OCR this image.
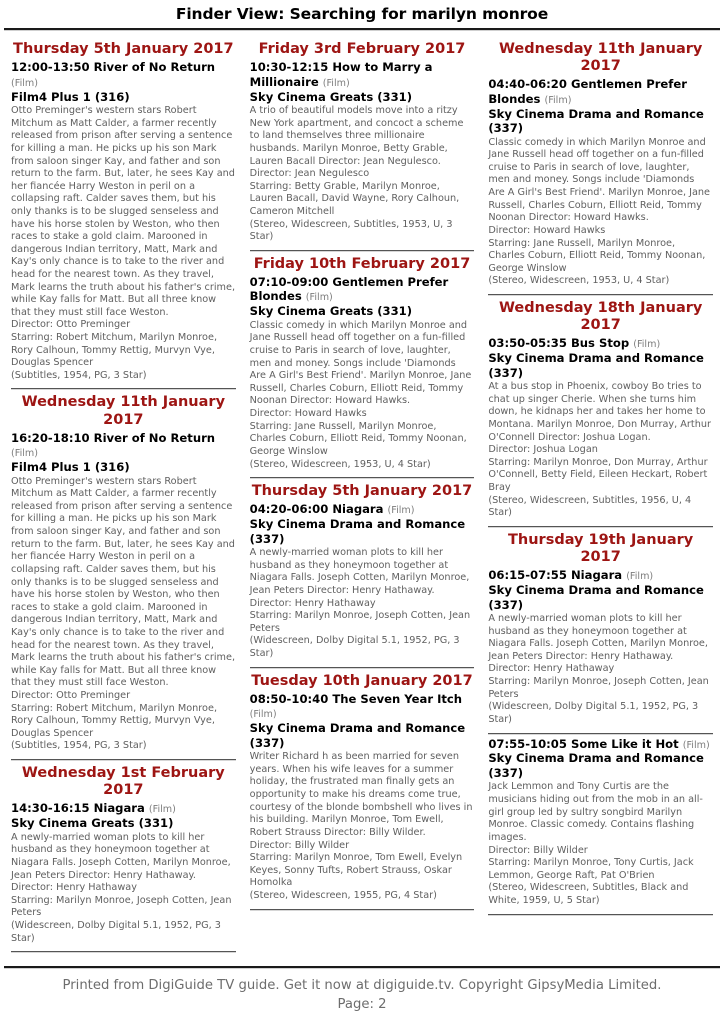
Finder View: Searching for marilyn monroe
Thursday 5th January 2017
12:00-13:50 River of No Return (Film)
Film4 Plus 1 (316)

Otto Preminger's western stars Robert Mitchum as Matt Calder, a farmer recently released from prison after serving a sentence for killing a man. He picks up his son Mark from saloon singer Kay, and father and son return to the farm. But, later, he sees Kay and her fiancée Harry Weston in peril on a collapsing raft. Calder saves them, but his only thanks is to be slugged senseless and have his horse stolen by Weston, who then races to stake a gold claim. Marooned in dangerous Indian territory, Matt, Mark and Kay's only chance is to take to the river and head for the nearest town. As they travel, Mark learns the truth about his father's crime, while Kay falls for Matt. But all three know that they must still face Weston.

Director: Otto Preminger

Starring: Robert Mitchum, Marilyn Monroe, Rory Calhoun, Tommy Rettig, Murvyn Vye, Douglas Spencer

(Subtitles, 1954, PG, 3 Star)

Wednesday 11th January 2017
16:20-18:10 River of No Return (Film)
Film4 Plus 1 (316)

Otto Preminger's western stars Robert Mitchum as Matt Calder, a farmer recently released from prison after serving a sentence for killing a man. He picks up his son Mark from saloon singer Kay, and father and son return to the farm. But, later, he sees Kay and her fiancée Harry Weston in peril on a collapsing raft. Calder saves them, but his only thanks is to be slugged senseless and have his horse stolen by Weston, who then races to stake a gold claim. Marooned in dangerous Indian territory, Matt, Mark and Kay's only chance is to take to the river and head for the nearest town. As they travel, Mark learns the truth about his father's crime, while Kay falls for Matt. But all three know that they must still face Weston.

Director: Otto Preminger

Starring: Robert Mitchum, Marilyn Monroe, Rory Calhoun, Tommy Rettig, Murvyn Vye, Douglas Spencer

(Subtitles, 1954, PG, 3 Star)

Wednesday 1st February 2017
14:30-16:15 Niagara (Film)
Sky Cinema Greats (331)

A newly-married woman plots to kill her husband as they honeymoon together at Niagara Falls. Joseph Cotten, Marilyn Monroe, Jean Peters Director: Henry Hathaway.

Director: Henry Hathaway

Starring: Marilyn Monroe, Joseph Cotten, Jean Peters

(Widescreen, Dolby Digital 5.1, 1952, PG, 3 Star)

Friday 3rd February 2017
10:30-12:15 How to Marry a Millionaire (Film)
Sky Cinema Greats (331)

A trio of beautiful models move into a ritzy New York apartment, and concoct a scheme to land themselves three millionaire husbands. Marilyn Monroe, Betty Grable, Lauren Bacall Director: Jean Negulesco.

Director: Jean Negulesco

Starring: Betty Grable, Marilyn Monroe, Lauren Bacall, David Wayne, Rory Calhoun, Cameron Mitchell

(Stereo, Widescreen, Subtitles, 1953, U, 3 Star)

Friday 10th February 2017
07:10-09:00 Gentlemen Prefer Blondes (Film)
Sky Cinema Greats (331)

Classic comedy in which Marilyn Monroe and Jane Russell head off together on a fun-filled cruise to Paris in search of love, laughter, men and money. Songs include 'Diamonds Are A Girl's Best Friend'. Marilyn Monroe, Jane Russell, Charles Coburn, Elliott Reid, Tommy Noonan Director: Howard Hawks.

Director: Howard Hawks

Starring: Jane Russell, Marilyn Monroe, Charles Coburn, Elliott Reid, Tommy Noonan, George Winslow

(Stereo, Widescreen, 1953, U, 4 Star)

Thursday 5th January 2017
04:20-06:00 Niagara (Film)
Sky Cinema Drama and Romance (337)

A newly-married woman plots to kill her husband as they honeymoon together at Niagara Falls. Joseph Cotten, Marilyn Monroe, Jean Peters Director: Henry Hathaway.

Director: Henry Hathaway

Starring: Marilyn Monroe, Joseph Cotten, Jean Peters

(Widescreen, Dolby Digital 5.1, 1952, PG, 3 Star)

Tuesday 10th January 2017
08:50-10:40 The Seven Year Itch (Film)
Sky Cinema Drama and Romance (337)

Writer Richard h as been married for seven years. When his wife leaves for a summer holiday, the frustrated man finally gets an opportunity to make his dreams come true, courtesy of the blonde bombshell who lives in his building. Marilyn Monroe, Tom Ewell, Robert Strauss Director: Billy Wilder.

Director: Billy Wilder

Starring: Marilyn Monroe, Tom Ewell, Evelyn Keyes, Sonny Tufts, Robert Strauss, Oskar Homolka

(Stereo, Widescreen, 1955, PG, 4 Star)

Wednesday 11th January 2017
04:40-06:20 Gentlemen Prefer Blondes (Film)
Sky Cinema Drama and Romance (337)

Classic comedy in which Marilyn Monroe and Jane Russell head off together on a fun-filled cruise to Paris in search of love, laughter, men and money. Songs include 'Diamonds Are A Girl's Best Friend'. Marilyn Monroe, Jane Russell, Charles Coburn, Elliott Reid, Tommy Noonan Director: Howard Hawks.

Director: Howard Hawks

Starring: Jane Russell, Marilyn Monroe, Charles Coburn, Elliott Reid, Tommy Noonan, George Winslow

(Stereo, Widescreen, 1953, U, 4 Star)

Wednesday 18th January 2017
03:50-05:35 Bus Stop (Film)
Sky Cinema Drama and Romance (337)

At a bus stop in Phoenix, cowboy Bo tries to chat up singer Cherie. When she turns him down, he kidnaps her and takes her home to Montana. Marilyn Monroe, Don Murray, Arthur O'Connell Director: Joshua Logan.

Director: Joshua Logan

Starring: Marilyn Monroe, Don Murray, Arthur O'Connell, Betty Field, Eileen Heckart, Robert Bray

(Stereo, Widescreen, Subtitles, 1956, U, 4 Star)

Thursday 19th January 2017
06:15-07:55 Niagara (Film)
Sky Cinema Drama and Romance (337)

A newly-married woman plots to kill her husband as they honeymoon together at Niagara Falls. Joseph Cotten, Marilyn Monroe, Jean Peters Director: Henry Hathaway.

Director: Henry Hathaway

Starring: Marilyn Monroe, Joseph Cotten, Jean Peters

(Widescreen, Dolby Digital 5.1, 1952, PG, 3 Star)

07:55-10:05 Some Like it Hot (Film)
Sky Cinema Drama and Romance (337)

Jack Lemmon and Tony Curtis are the musicians hiding out from the mob in an all-girl group led by sultry songbird Marilyn Monroe. Classic comedy. Contains flashing images.

Director: Billy Wilder

Starring: Marilyn Monroe, Tony Curtis, Jack Lemmon, George Raft, Pat O'Brien

(Stereo, Widescreen, Subtitles, Black and White, 1959, U, 5 Star)

Printed from DigiGuide TV guide. Get it now at digiguide.tv. Copyright GipsyMedia Limited. Page: 2
